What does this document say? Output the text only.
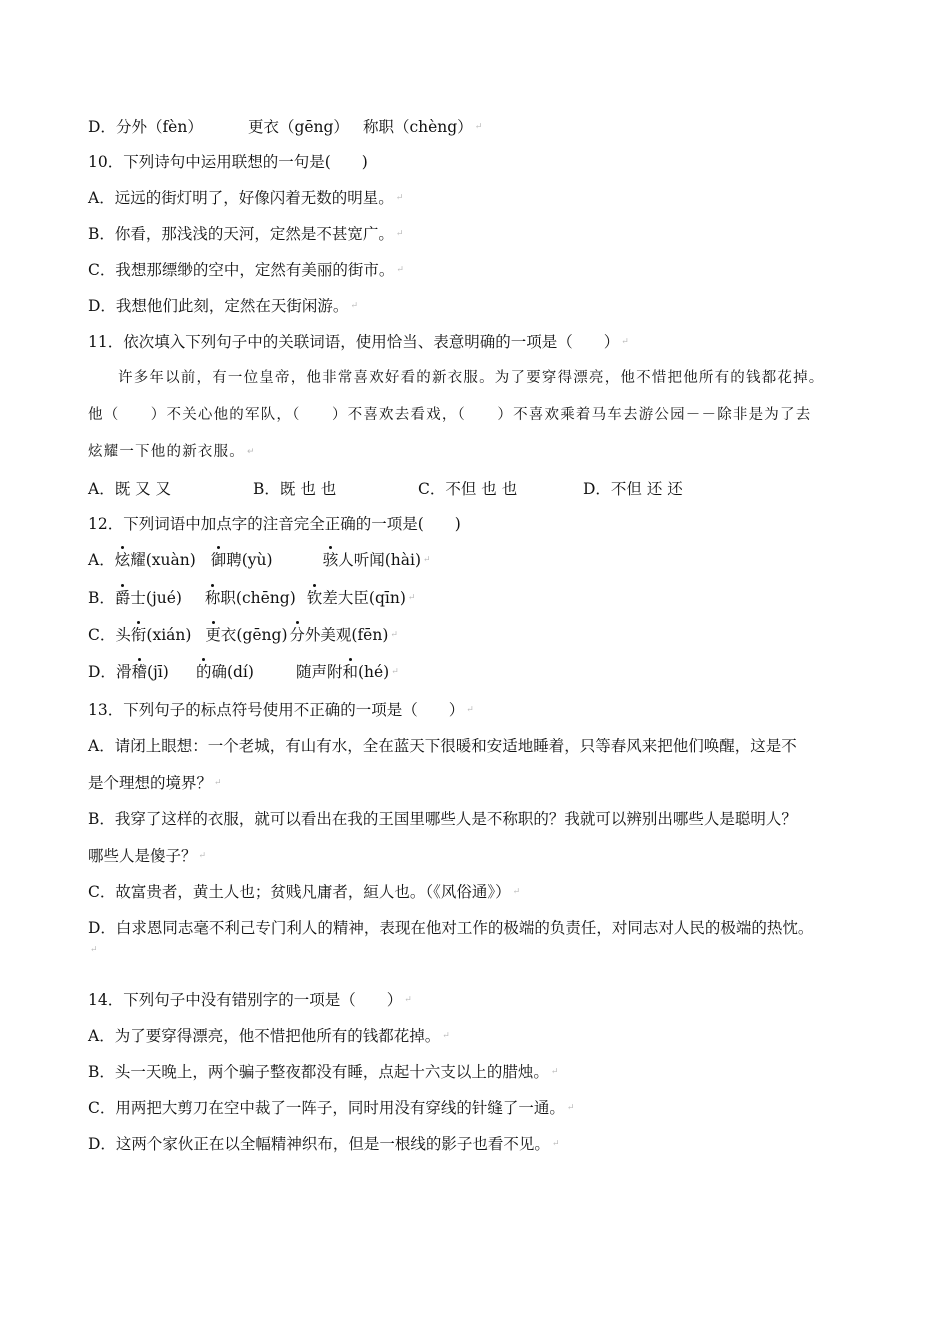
D．分外（fèn）	更衣（gēng） 称职（chèng） ↵
10．下列诗句中运用联想的一句是(　　)
A．远远的街灯明了，好像闪着无数的明星。 ↵
B．你看，那浅浅的天河，定然是不甚宽广。 ↵
C．我想那缥缈的空中，定然有美丽的街市。 ↵
D．我想他们此刻，定然在天街闲游。 ↵
11．依次填入下列句子中的关联词语，使用恰当、表意明确的一项是（　　） ↵
许多年以前，有一位皇帝，他非常喜欢好看的新衣服。为了要穿得漂亮，他不惜把他所有的钱都花掉。
他（　　）不关心他的军队，（　　）不喜欢去看戏，（　　）不喜欢乘着马车去游公园－－除非是为了去
炫耀一下他的新衣服。 ↵
A．既 又 又	B．既 也 也	C．不但 也 也	D．不但 还 还
12．下列词语中加点字的注音完全正确的一项是(　　)
A．炫耀(xuàn) 御聘(yù)	骇人听闻(hài) ↵
B．爵士(jué) 称职(chēng) 钦差大臣(qīn) ↵
C．头衔(xián) 更衣(gēng) 分外美观(fēn) ↵
D．滑稽(jī) 的确(dí)	随声附和(hé) ↵
13．下列句子的标点符号使用不正确的一项是（　　） ↵
A．请闭上眼想：一个老城，有山有水，全在蓝天下很暖和安适地睡着，只等春风来把他们唤醒，这是不
是个理想的境界？ ↵
B．我穿了这样的衣服，就可以看出在我的王国里哪些人是不称职的？我就可以辨别出哪些人是聪明人？
哪些人是傻子？ ↵
C．故富贵者，黄土人也；贫贱凡庸者，絙人也。（《风俗通》） ↵
D．白求恩同志毫不利己专门利人的精神，表现在他对工作的极端的负责任，对同志对人民的极端的热忱。
↵
14．下列句子中没有错别字的一项是（　　） ↵
A．为了要穿得漂亮，他不惜把他所有的钱都花掉。 ↵
B．头一天晚上，两个骗子整夜都没有睡，点起十六支以上的腊烛。 ↵
C．用两把大剪刀在空中裁了一阵子，同时用没有穿线的针缝了一通。 ↵
D．这两个家伙正在以全幅精神织布，但是一根线的影子也看不见。 ↵
